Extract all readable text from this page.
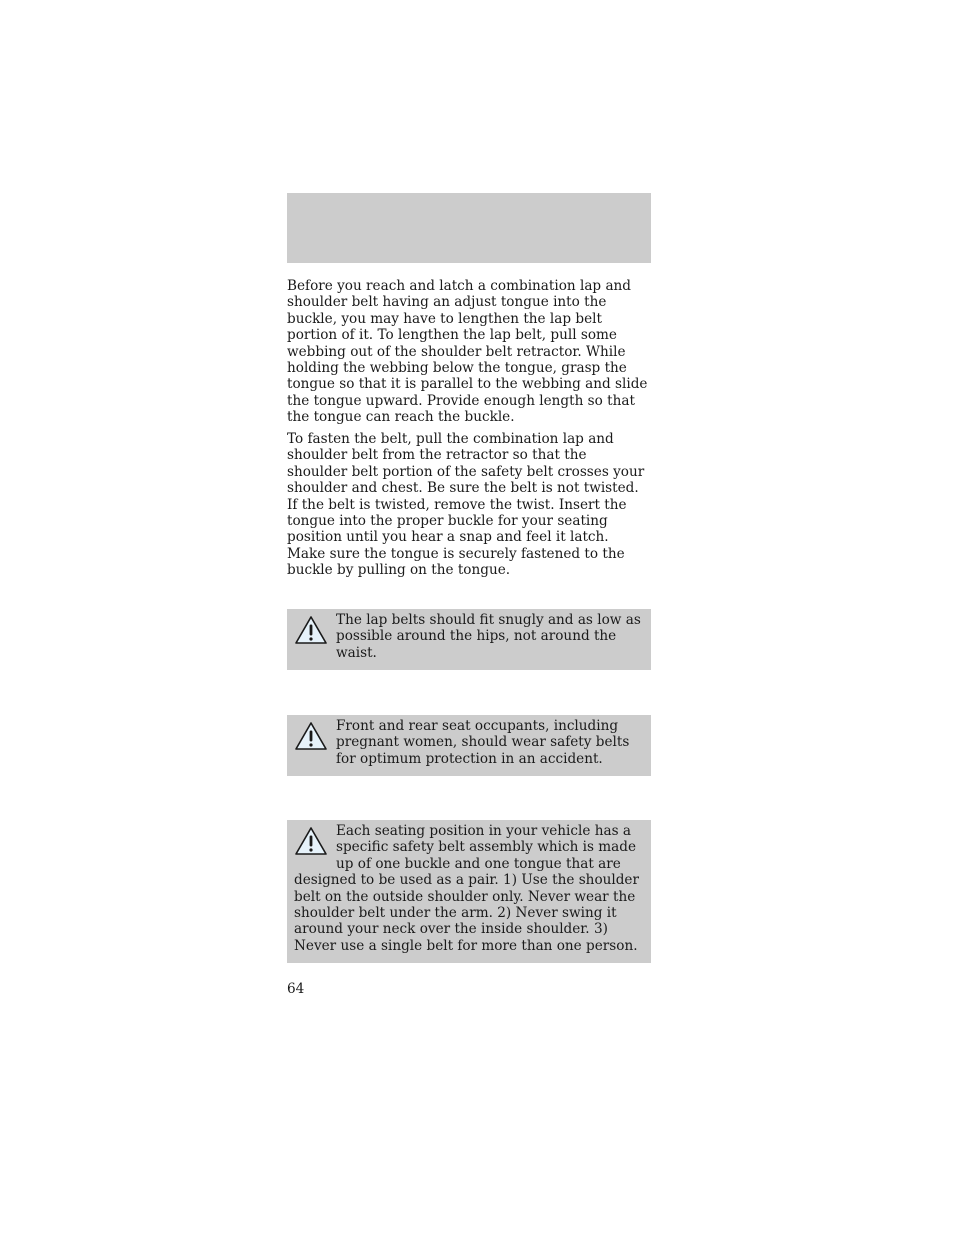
Before you reach and latch a combination lap and shoulder belt having an adjust tongue into the buckle, you may have to lengthen the lap belt portion of it. To lengthen the lap belt, pull some webbing out of the shoulder belt retractor. While holding the webbing below the tongue, grasp the tongue so that it is parallel to the webbing and slide the tongue upward. Provide enough length so that the tongue can reach the buckle.

To fasten the belt, pull the combination lap and shoulder belt from the retractor so that the shoulder belt portion of the safety belt crosses your shoulder and chest. Be sure the belt is not twisted. If the belt is twisted, remove the twist. Insert the tongue into the proper buckle for your seating position until you hear a snap and feel it latch. Make sure the tongue is securely fastened to the buckle by pulling on the tongue.

The lap belts should fit snugly and as low as possible around the hips, not around the waist.
Front and rear seat occupants, including pregnant women, should wear safety belts for optimum protection in an accident.
Each seating position in your vehicle has a specific safety belt assembly which is made up of one buckle and one tongue that are designed to be used as a pair. 1) Use the shoulder belt on the outside shoulder only. Never wear the shoulder belt under the arm. 2) Never swing it around your neck over the inside shoulder. 3) Never use a single belt for more than one person.
64
